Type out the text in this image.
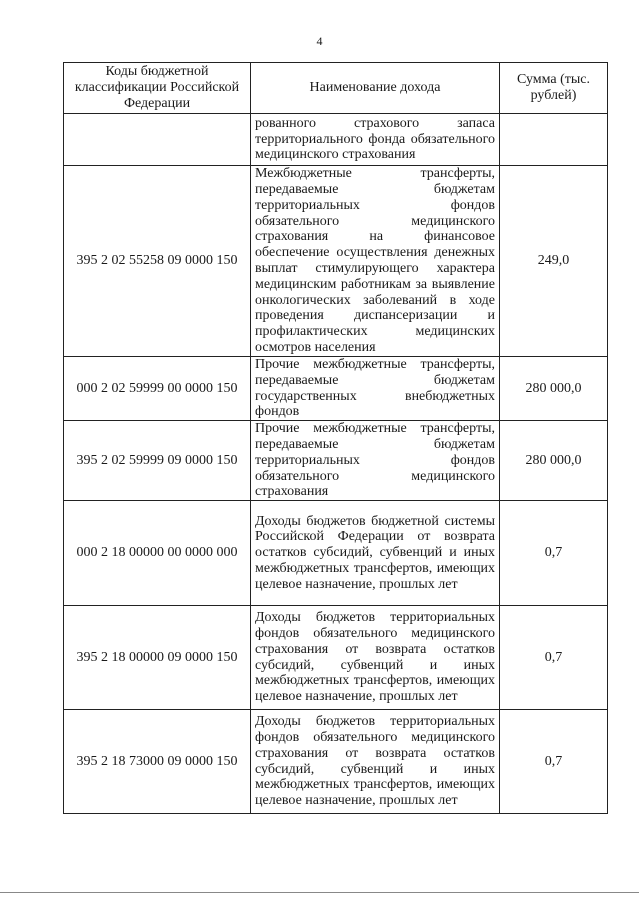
4
Коды бюджетной классификации Российской Федерации	Наименование дохода	Сумма (тыс. рублей)
	рованного страхового запаса территориального фонда обязательного медицинского страхования	
395 2 02 55258 09 0000 150	Межбюджетные трансферты, передаваемые бюджетам территориальных фондов обязательного медицинского страхования на финансовое обеспечение осуществления денежных выплат стимулирующего характера медицинским работникам за выявление онкологических заболеваний в ходе проведения диспансеризации и профилактических медицинских осмотров населения	249,0
000 2 02 59999 00 0000 150	Прочие межбюджетные трансферты, передаваемые бюджетам государственных внебюджетных фондов	280 000,0
395 2 02 59999 09 0000 150	Прочие межбюджетные трансферты, передаваемые бюджетам территориальных фондов обязательного медицинского страхования	280 000,0
000 2 18 00000 00 0000 000	Доходы бюджетов бюджетной системы Российской Федерации от возврата остатков субсидий, субвенций и иных межбюджетных трансфертов, имеющих целевое назначение, прошлых лет	0,7
395 2 18 00000 09 0000 150	Доходы бюджетов территориальных фондов обязательного медицинского страхования от возврата остатков субсидий, субвенций и иных межбюджетных трансфертов, имеющих целевое назначение, прошлых лет	0,7
395 2 18 73000 09 0000 150	Доходы бюджетов территориальных фондов обязательного медицинского страхования от возврата остатков субсидий, субвенций и иных межбюджетных трансфертов, имеющих целевое назначение, прошлых лет	0,7
